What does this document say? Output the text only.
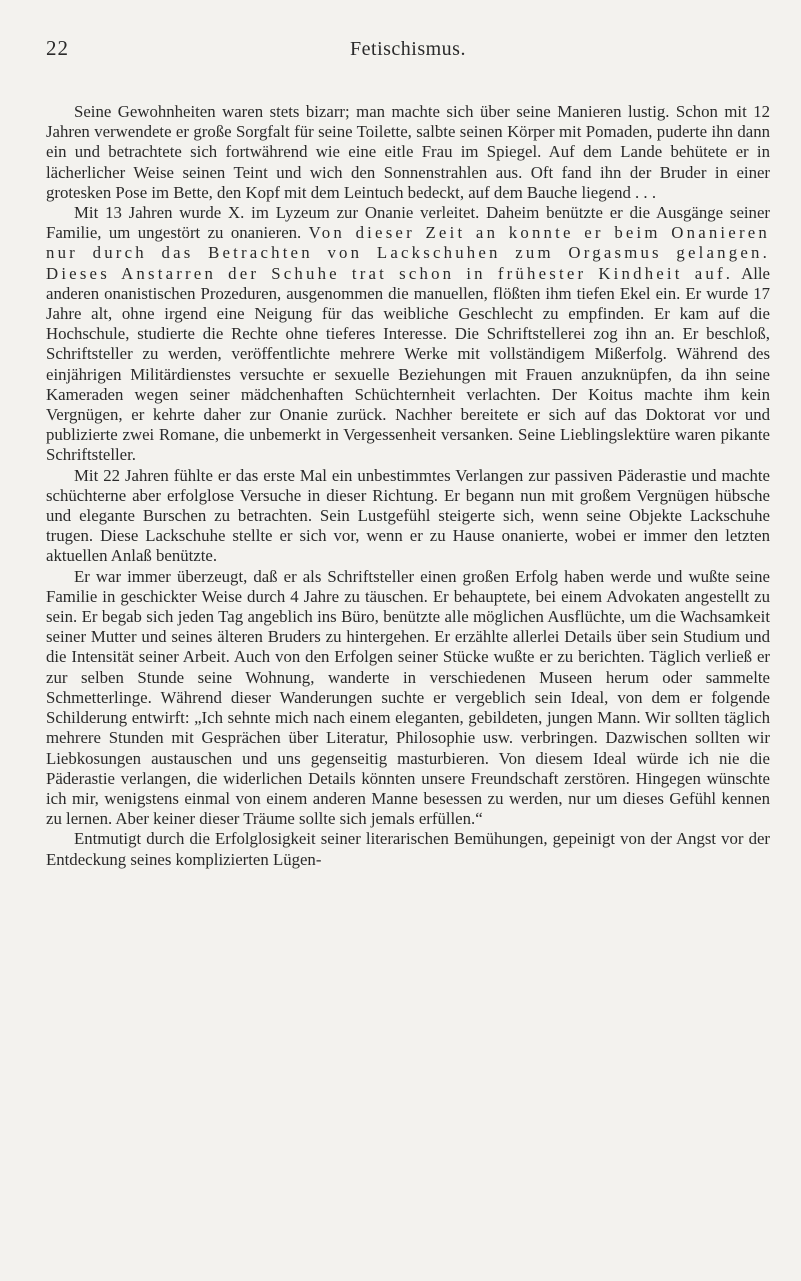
22	Fetischismus.

Seine Gewohnheiten waren stets bizarr; man machte sich über seine Manieren lustig. Schon mit 12 Jahren verwendete er große Sorgfalt für seine Toilette, salbte seinen Körper mit Pomaden, puderte ihn dann ein und betrachtete sich fortwährend wie eine eitle Frau im Spiegel. Auf dem Lande behütete er in lächerlicher Weise seinen Teint und wich den Sonnenstrahlen aus. Oft fand ihn der Bruder in einer grotesken Pose im Bette, den Kopf mit dem Leintuch bedeckt, auf dem Bauche liegend . . .

Mit 13 Jahren wurde X. im Lyzeum zur Onanie verleitet. Daheim benützte er die Ausgänge seiner Familie, um ungestört zu onanieren. Von dieser Zeit an konnte er beim Onanieren nur durch das Betrachten von Lackschuhen zum Orgasmus gelangen. Dieses Anstarren der Schuhe trat schon in frühester Kindheit auf. Alle anderen onanistischen Prozeduren, ausgenommen die manuellen, flößten ihm tiefen Ekel ein. Er wurde 17 Jahre alt, ohne irgend eine Neigung für das weibliche Geschlecht zu empfinden. Er kam auf die Hochschule, studierte die Rechte ohne tieferes Interesse. Die Schriftstellerei zog ihn an. Er beschloß, Schriftsteller zu werden, veröffentlichte mehrere Werke mit vollständigem Mißerfolg. Während des einjährigen Militärdienstes versuchte er sexuelle Beziehungen mit Frauen anzuknüpfen, da ihn seine Kameraden wegen seiner mädchenhaften Schüchternheit verlachten. Der Koitus machte ihm kein Vergnügen, er kehrte daher zur Onanie zurück. Nachher bereitete er sich auf das Doktorat vor und publizierte zwei Romane, die unbemerkt in Vergessenheit versanken. Seine Lieblingslektüre waren pikante Schriftsteller.

Mit 22 Jahren fühlte er das erste Mal ein unbestimmtes Verlangen zur passiven Päderastie und machte schüchterne aber erfolglose Versuche in dieser Richtung. Er begann nun mit großem Vergnügen hübsche und elegante Burschen zu betrachten. Sein Lustgefühl steigerte sich, wenn seine Objekte Lackschuhe trugen. Diese Lackschuhe stellte er sich vor, wenn er zu Hause onanierte, wobei er immer den letzten aktuellen Anlaß benützte.

Er war immer überzeugt, daß er als Schriftsteller einen großen Erfolg haben werde und wußte seine Familie in geschickter Weise durch 4 Jahre zu täuschen. Er behauptete, bei einem Advokaten angestellt zu sein. Er begab sich jeden Tag angeblich ins Büro, benützte alle möglichen Ausflüchte, um die Wachsamkeit seiner Mutter und seines älteren Bruders zu hintergehen. Er erzählte allerlei Details über sein Studium und die Intensität seiner Arbeit. Auch von den Erfolgen seiner Stücke wußte er zu berichten. Täglich verließ er zur selben Stunde seine Wohnung, wanderte in verschiedenen Museen herum oder sammelte Schmetterlinge. Während dieser Wanderungen suchte er vergeblich sein Ideal, von dem er folgende Schilderung entwirft: „Ich sehnte mich nach einem eleganten, gebildeten, jungen Mann. Wir sollten täglich mehrere Stunden mit Gesprächen über Literatur, Philosophie usw. verbringen. Dazwischen sollten wir Liebkosungen austauschen und uns gegenseitig masturbieren. Von diesem Ideal würde ich nie die Päderastie verlangen, die widerlichen Details könnten unsere Freundschaft zerstören. Hingegen wünschte ich mir, wenigstens einmal von einem anderen Manne besessen zu werden, nur um dieses Gefühl kennen zu lernen. Aber keiner dieser Träume sollte sich jemals erfüllen.“

Entmutigt durch die Erfolglosigkeit seiner literarischen Bemühungen, gepeinigt von der Angst vor der Entdeckung seines komplizierten Lügen-
